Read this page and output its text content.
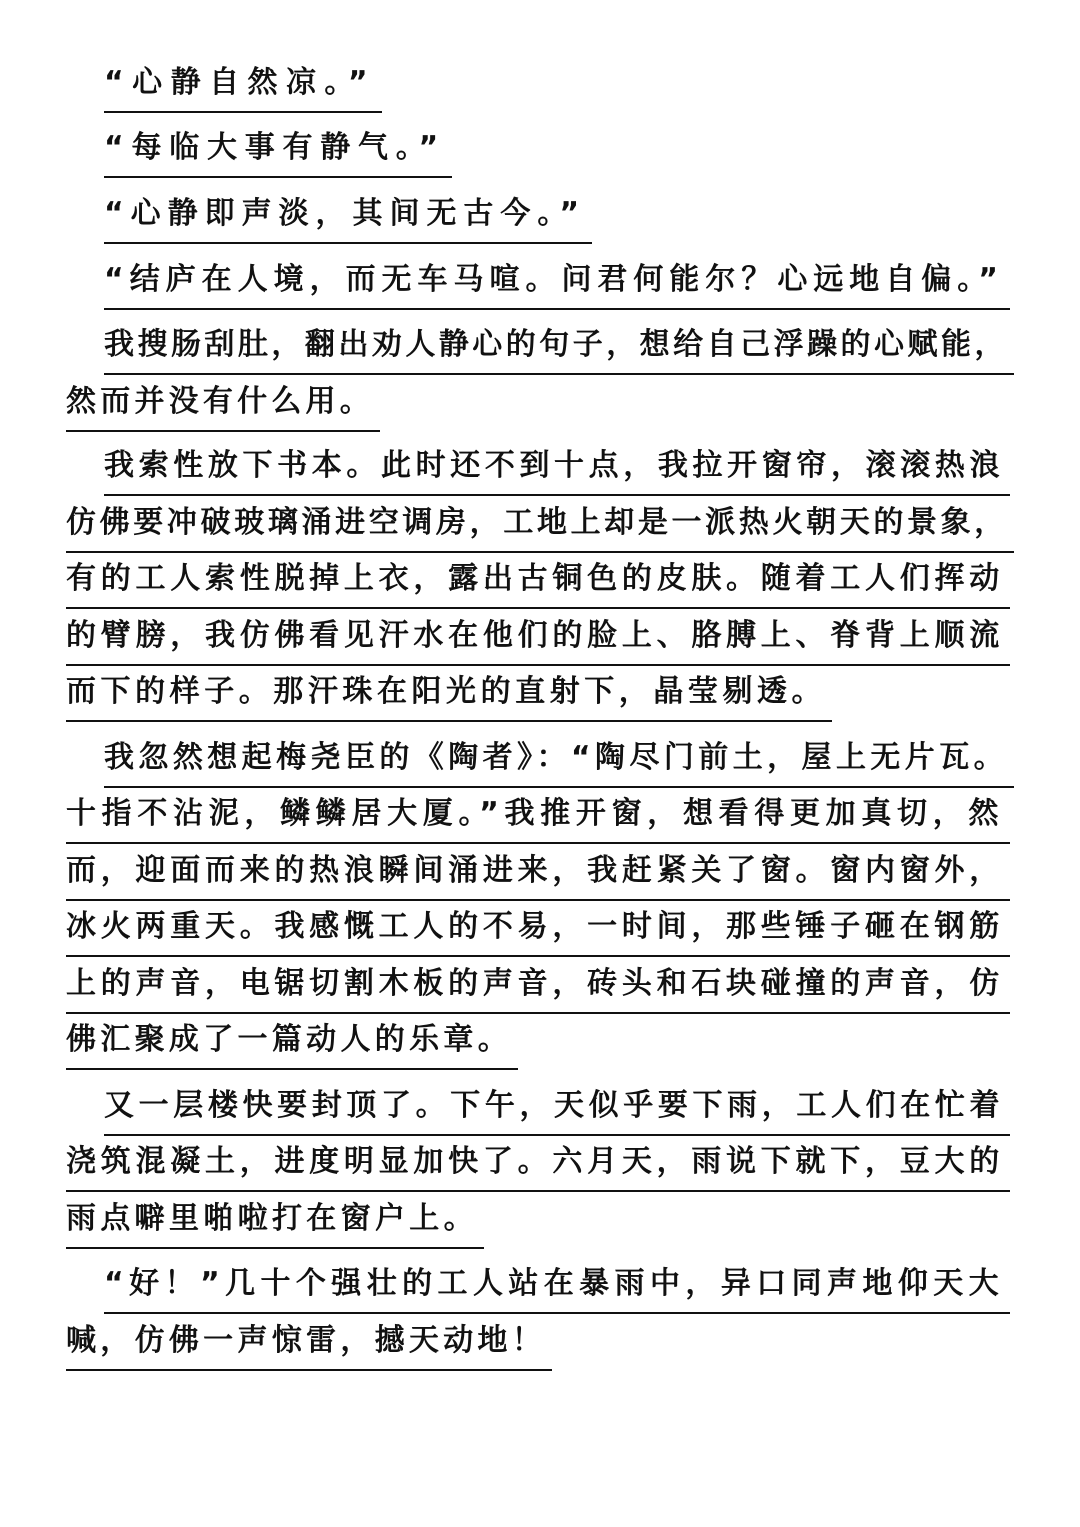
“心静自然凉。”
“每临大事有静气。”
“心静即声淡，其间无古今。”
“结庐在人境，而无车马喧。问君何能尔？心远地自偏。”
我搜肠刮肚，翻出劝人静心的句子，想给自己浮躁的心赋能，
然而并没有什么用。
我索性放下书本。此时还不到十点，我拉开窗帘，滚滚热浪
仿佛要冲破玻璃涌进空调房，工地上却是一派热火朝天的景象，
有的工人索性脱掉上衣，露出古铜色的皮肤。随着工人们挥动
的臂膀，我仿佛看见汗水在他们的脸上、胳膊上、脊背上顺流
而下的样子。那汗珠在阳光的直射下，晶莹剔透。
我忽然想起梅尧臣的《陶者》：“陶尽门前土，屋上无片瓦。
十指不沾泥，鳞鳞居大厦。”我推开窗，想看得更加真切，然
而，迎面而来的热浪瞬间涌进来，我赶紧关了窗。窗内窗外，
冰火两重天。我感慨工人的不易，一时间，那些锤子砸在钢筋
上的声音，电锯切割木板的声音，砖头和石块碰撞的声音，仿
佛汇聚成了一篇动人的乐章。
又一层楼快要封顶了。下午，天似乎要下雨，工人们在忙着
浇筑混凝土，进度明显加快了。六月天，雨说下就下，豆大的
雨点噼里啪啦打在窗户上。
“好！”几十个强壮的工人站在暴雨中，异口同声地仰天大
喊，仿佛一声惊雷，撼天动地！
